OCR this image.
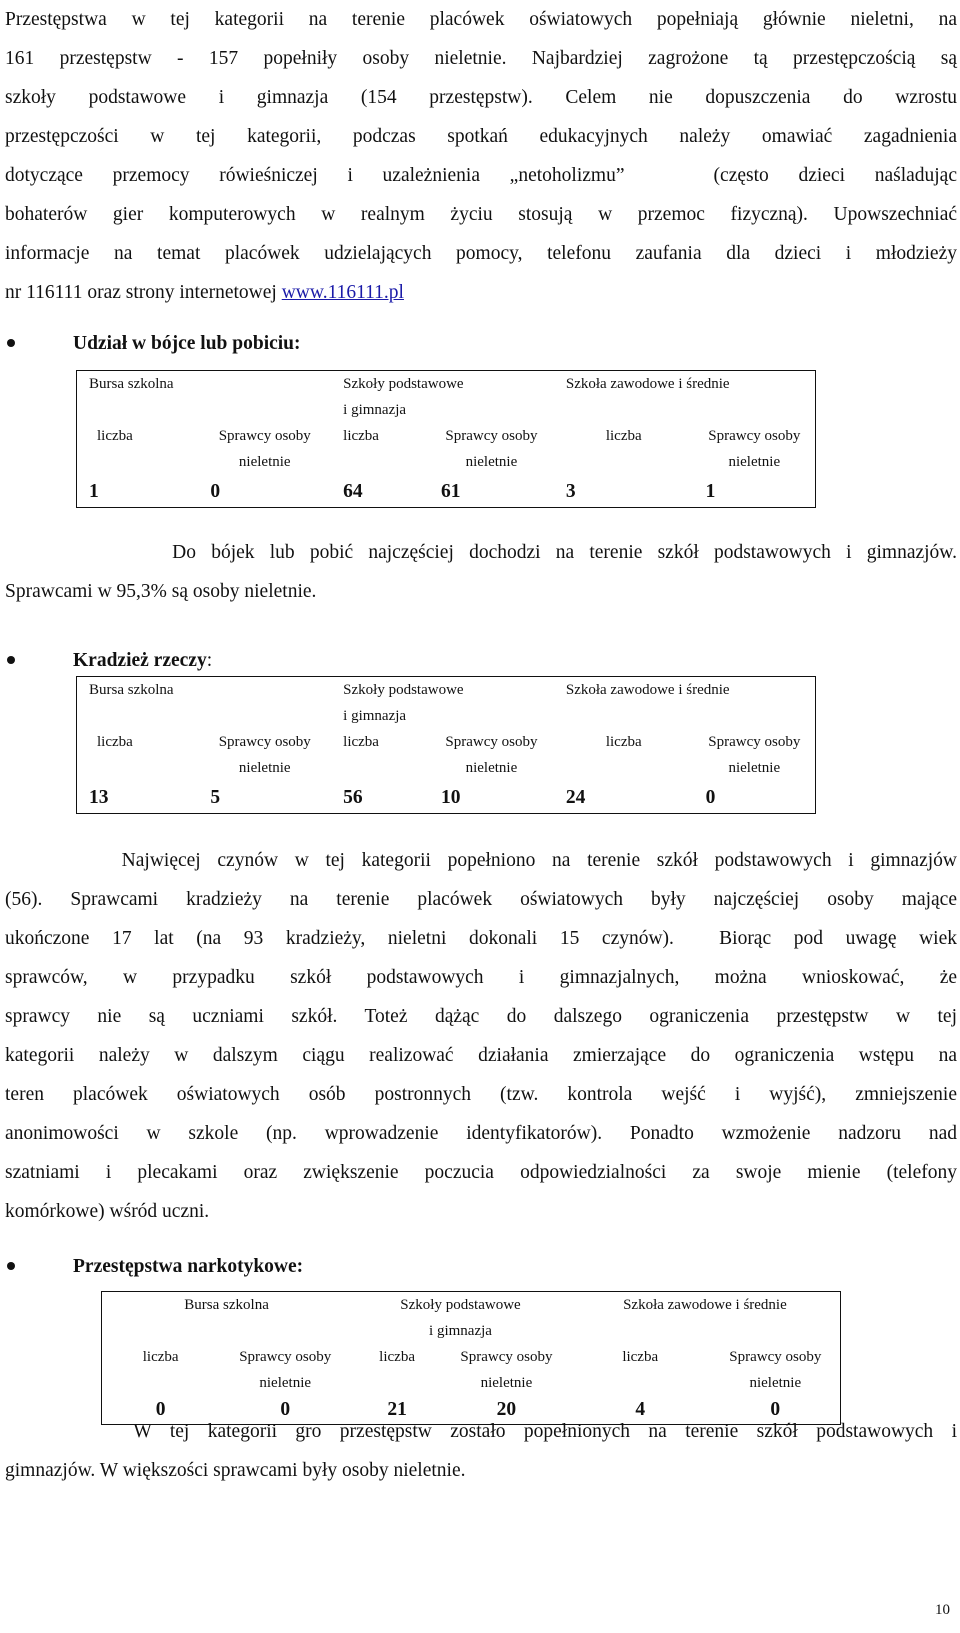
Przestępstwa w tej kategorii na terenie placówek oświatowych popełniają głównie nieletni, na
161 przestępstw - 157 popełniły osoby nieletnie. Najbardziej zagrożone tą przestępczością są
szkoły podstawowe i gimnazja (154 przestępstw). Celem nie dopuszczenia do wzrostu
przestępczości w tej kategorii, podczas spotkań edukacyjnych należy omawiać zagadnienia
dotyczące przemocy rówieśniczej i uzależnienia „netoholizmu”   (często dzieci naśladując
bohaterów gier komputerowych w realnym życiu stosują w przemoc fizyczną). Upowszechniać
informacje na temat placówek udzielających pomocy, telefonu zaufania dla dzieci i młodzieży
nr 116111 oraz strony internetowej www.116111.pl
Udział w bójce lub pobiciu:
Bursa szkolna		Szkoły podstawowe		Szkoła zawodowe i średnie	
		i gimnazja			
liczba	Sprawcy osoby	liczba	Sprawcy osoby	liczba	Sprawcy osoby
	nieletnie		nieletnie		nieletnie
1	0	64	61	3	1
Do bójek lub pobić najczęściej dochodzi na terenie szkół podstawowych i gimnazjów.
Sprawcami w 95,3% są osoby nieletnie.
Kradzież rzeczy:
Bursa szkolna		Szkoły podstawowe		Szkoła zawodowe i średnie	
		i gimnazja			
liczba	Sprawcy osoby	liczba	Sprawcy osoby	liczba	Sprawcy osoby
	nieletnie		nieletnie		nieletnie
13	5	56	10	24	0
Najwięcej czynów w tej kategorii popełniono na terenie szkół podstawowych i gimnazjów
(56). Sprawcami kradzieży na terenie placówek oświatowych były najczęściej osoby mające
ukończone 17 lat (na 93 kradzieży, nieletni dokonali 15 czynów).  Biorąc pod uwagę wiek
sprawców, w przypadku szkół podstawowych i gimnazjalnych, można wnioskować, że
sprawcy nie są uczniami szkół. Toteż dążąc do dalszego ograniczenia przestępstw w tej
kategorii należy w dalszym ciągu realizować działania zmierzające do ograniczenia wstępu na
teren placówek oświatowych osób postronnych (tzw. kontrola wejść i wyjść), zmniejszenie
anonimowości w szkole (np. wprowadzenie identyfikatorów). Ponadto wzmożenie nadzoru nad
szatniami i plecakami oraz zwiększenie poczucia odpowiedzialności za swoje mienie (telefony
komórkowe) wśród uczni.
Przestępstwa narkotykowe:
Bursa szkolna		Szkoły podstawowe		Szkoła zawodowe i średnie	
		i gimnazja			
liczba	Sprawcy osoby	liczba	Sprawcy osoby	liczba	Sprawcy osoby
	nieletnie		nieletnie		nieletnie
0	0	21	20	4	0
W tej kategorii gro przestępstw zostało popełnionych na terenie szkół podstawowych i
gimnazjów. W większości sprawcami były osoby nieletnie.
10
